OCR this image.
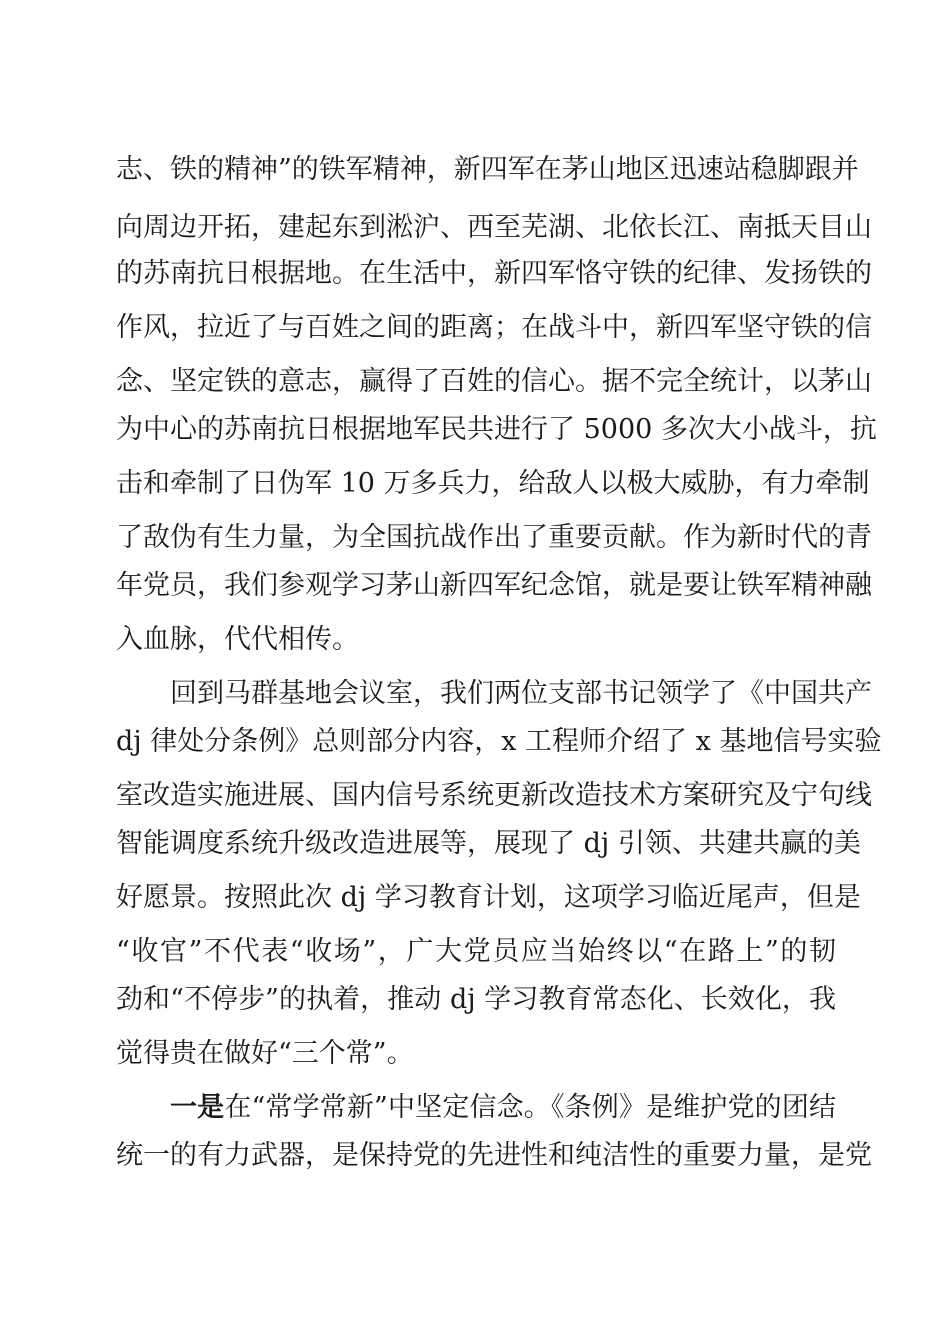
志、铁的精神”的铁军精神，新四军在茅山地区迅速站稳脚跟并
向周边开拓，建起东到淞沪、西至芜湖、北依长江、南抵天目山
的苏南抗日根据地。在生活中，新四军恪守铁的纪律、发扬铁的
作风，拉近了与百姓之间的距离；在战斗中，新四军坚守铁的信
念、坚定铁的意志，赢得了百姓的信心。据不完全统计，以茅山
为中心的苏南抗日根据地军民共进行了 5000 多次大小战斗，抗
击和牵制了日伪军 10 万多兵力，给敌人以极大威胁，有力牵制
了敌伪有生力量，为全国抗战作出了重要贡献。作为新时代的青
年党员，我们参观学习茅山新四军纪念馆，就是要让铁军精神融
入血脉，代代相传。
回到马群基地会议室，我们两位支部书记领学了《中国共产
dj 律处分条例》总则部分内容，x 工程师介绍了 x 基地信号实验
室改造实施进展、国内信号系统更新改造技术方案研究及宁句线
智能调度系统升级改造进展等，展现了 dj 引领、共建共赢的美
好愿景。按照此次 dj 学习教育计划，这项学习临近尾声，但是
“收官”不代表“收场”，广大党员应当始终以“在路上”的韧
劲和“不停步”的执着，推动 dj 学习教育常态化、长效化，我
觉得贵在做好“三个常”。
一是在“常学常新”中坚定信念。《条例》是维护党的团结
统一的有力武器，是保持党的先进性和纯洁性的重要力量，是党
